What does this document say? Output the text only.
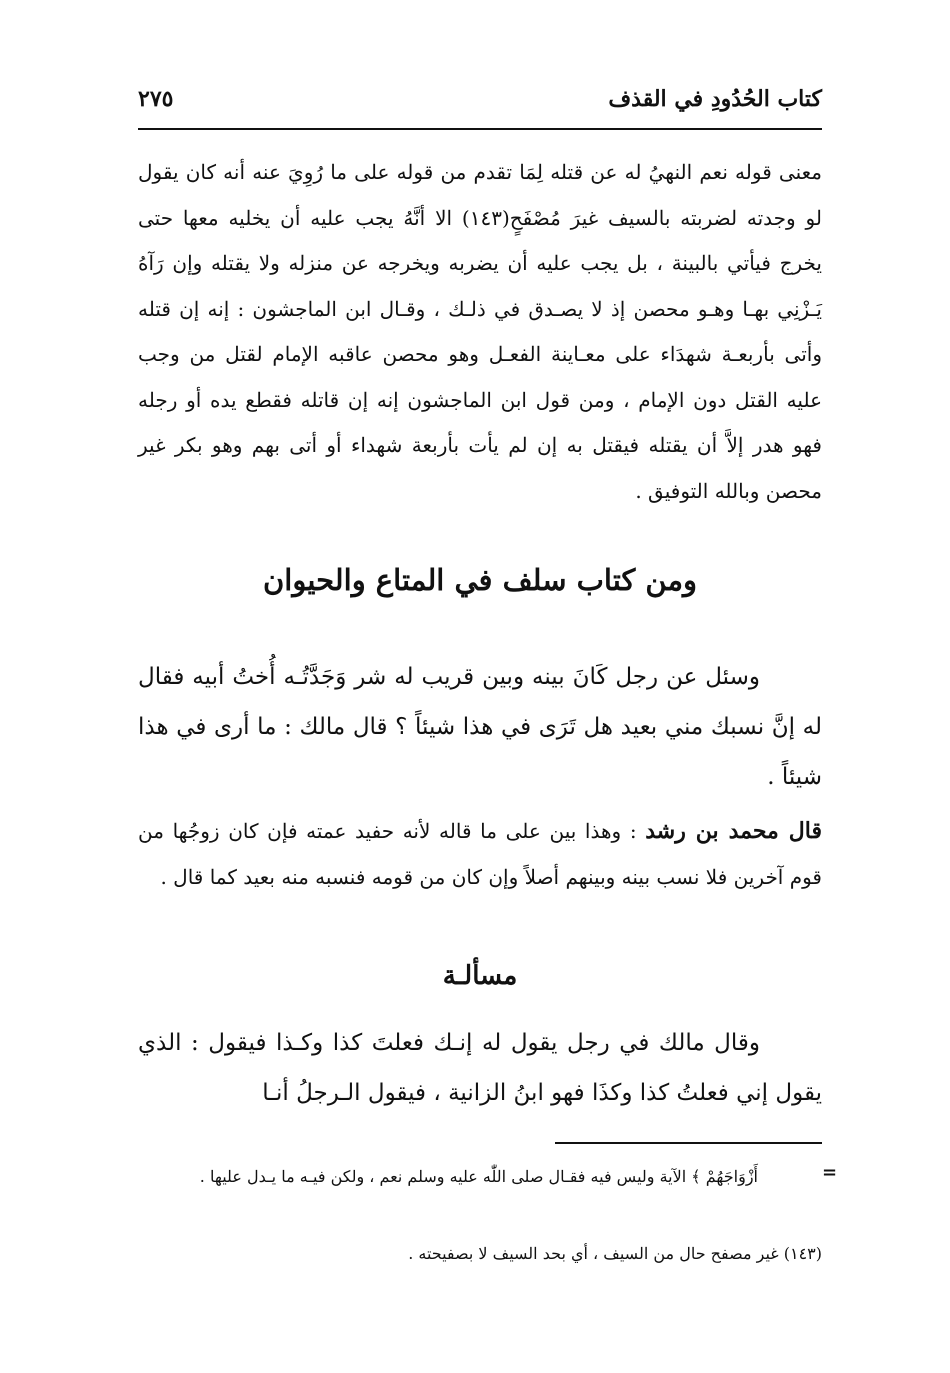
كتاب الحُدُودِ في القذف
٢٧٥

معنى قوله نعم النهيُ له عن قتله لِمَا تقدم من قوله على ما رُوِيَ عنه أنه كان يقول لو وجدته لضربته بالسيف غيرَ مُصْفَحٍ(١٤٣) الا أنَّهُ يجب عليه أن يخليه معها حتى يخرج فيأتي بالبينة ، بل يجب عليه أن يضربه ويخرجه عن منزله ولا يقتله وإن رَآهُ يَـزْنِي بهـا وهـو محصن إذ لا يصـدق في ذلـك ، وقـال ابن الماجشون : إنه إن قتله وأتى بأربعـة شهدَاء على معـاينة الفعـل وهو محصن عاقبه الإمام لقتل من وجب عليه القتل دون الإمام ، ومن قول ابن الماجشون إنه إن قاتله فقطع يده أو رجله فهو هدر إلاَّ أن يقتله فيقتل به إن لم يأت بأربعة شهداء أو أتى بهم وهو بكر غير محصن وبالله التوفيق .

ومن كتاب سلف في المتاع والحيوان

وسئل عن رجل كَانَ بينه وبين قريب له شر وَجَدَّتُـه أُختُ أبيه فقال له إنَّ نسبك مني بعيد هل تَرَى في هذا شيئاً ؟ قال مالك : ما أرى في هذا شيئاً .

قال محمد بن رشد : وهذا بين على ما قاله لأنه حفيد عمته فإن كان زوجُها من قوم آخرين فلا نسب بينه وبينهم أصلاً وإن كان من قومه فنسبه منه بعيد كما قال .

مسألـة

وقال مالك في رجل يقول له إنـك فعلتَ كذا وكـذا فيقول : الذي يقول إني فعلتُ كذا وكذَا فهو ابنُ الزانية ، فيقول الـرجلُ أنـا

=

أَزْوَاجَهُمْ ﴾ الآية وليس فيه فقـال صلى اللّٰه عليه وسلم نعم ، ولكن فيـه ما يـدل عليها .

(١٤٣) غير مصفح حال من السيف ، أي بحد السيف لا بصفيحته .
